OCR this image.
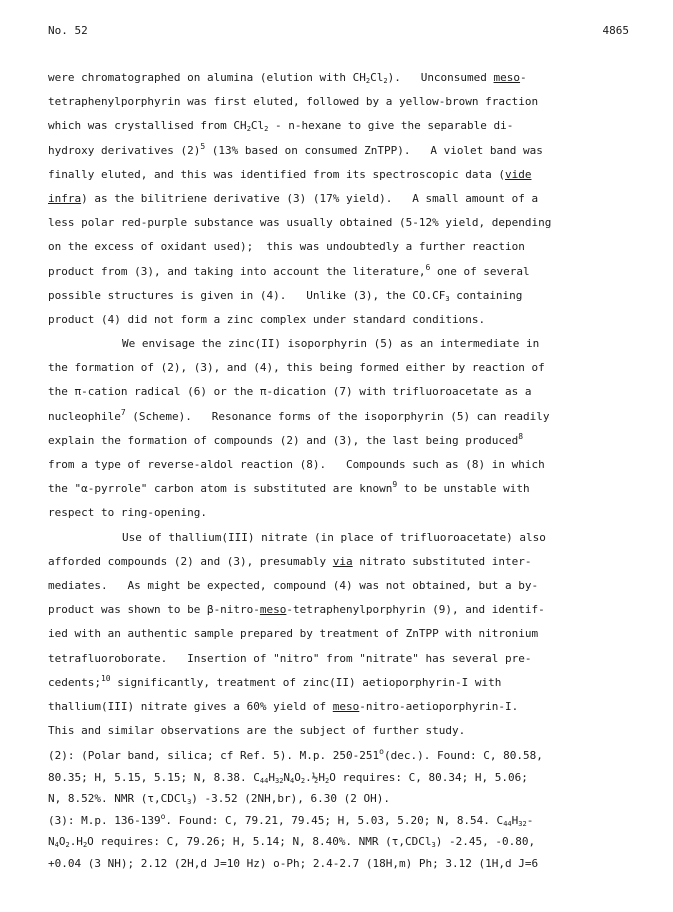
No. 52	4865
were chromatographed on alumina (elution with $CH_2Cl_2$).   Unconsumed meso-
tetraphenylporphyrin was first eluted, followed by a yellow-brown fraction
which was crystallised from $CH_2Cl_2$ - n-hexane to give the separable di-
hydroxy derivatives $(2)^5$ (13% based on consumed ZnTPP).   A violet band was
finally eluted, and this was identified from its spectroscopic data (vide
infra) as the bilitriene derivative (3) (17% yield).   A small amount of a
less polar red-purple substance was usually obtained (5-12% yield, depending
on the excess of oxidant used);  this was undoubtedly a further reaction
product from (3), and taking into account the literature,$^6$ one of several
possible structures is given in (4).   Unlike (3), the $CO.CF_3$ containing
product (4) did not form a zinc complex under standard conditions.
We envisage the zinc(II) isoporphyrin (5) as an intermediate in
the formation of (2), (3), and (4), this being formed either by reaction of
the π-cation radical (6) or the π-dication (7) with trifluoroacetate as a
nucleophile$^7$ (Scheme).   Resonance forms of the isoporphyrin (5) can readily
explain the formation of compounds (2) and (3), the last being produced$^8$
from a type of reverse-aldol reaction (8).   Compounds such as (8) in which
the "α-pyrrole" carbon atom is substituted are known$^9$ to be unstable with
respect to ring-opening.
Use of thallium(III) nitrate (in place of trifluoroacetate) also
afforded compounds (2) and (3), presumably via nitrato substituted inter-
mediates.   As might be expected, compound (4) was not obtained, but a by-
product was shown to be β-nitro-meso-tetraphenylporphyrin (9), and identif-
ied with an authentic sample prepared by treatment of ZnTPP with nitronium
tetrafluoroborate.   Insertion of "nitro" from "nitrate" has several pre-
cedents;$^{10}$ significantly, treatment of zinc(II) aetioporphyrin-I with
thallium(III) nitrate gives a 60% yield of meso-nitro-aetioporphyrin-I.
This and similar observations are the subject of further study.
(2): (Polar band, silica; cf Ref. 5). M.p. 250-251$^o$(dec.). Found: C, 80.58,
80.35; H, 5.15, 5.15; N, 8.38. $C_{44}H_{32}N_4O_2.\frac{1}{2}H_2O$ requires: C, 80.34; H, 5.06;
N, 8.52%. NMR (τ,CDCl$_3$) -3.52 (2NH,br), 6.30 (2 OH).
(3): M.p. 136-139$^o$. Found: C, 79.21, 79.45; H, 5.03, 5.20; N, 8.54. $C_{44}H_{32}-$
$N_4O_2.H_2O$ requires: C, 79.26; H, 5.14; N, 8.40%. NMR (τ,CDCl$_3$) -2.45, -0.80,
+0.04 (3 NH); 2.12 (2H,d J=10 Hz) o-Ph; 2.4-2.7 (18H,m) Ph; 3.12 (1H,d J=6
